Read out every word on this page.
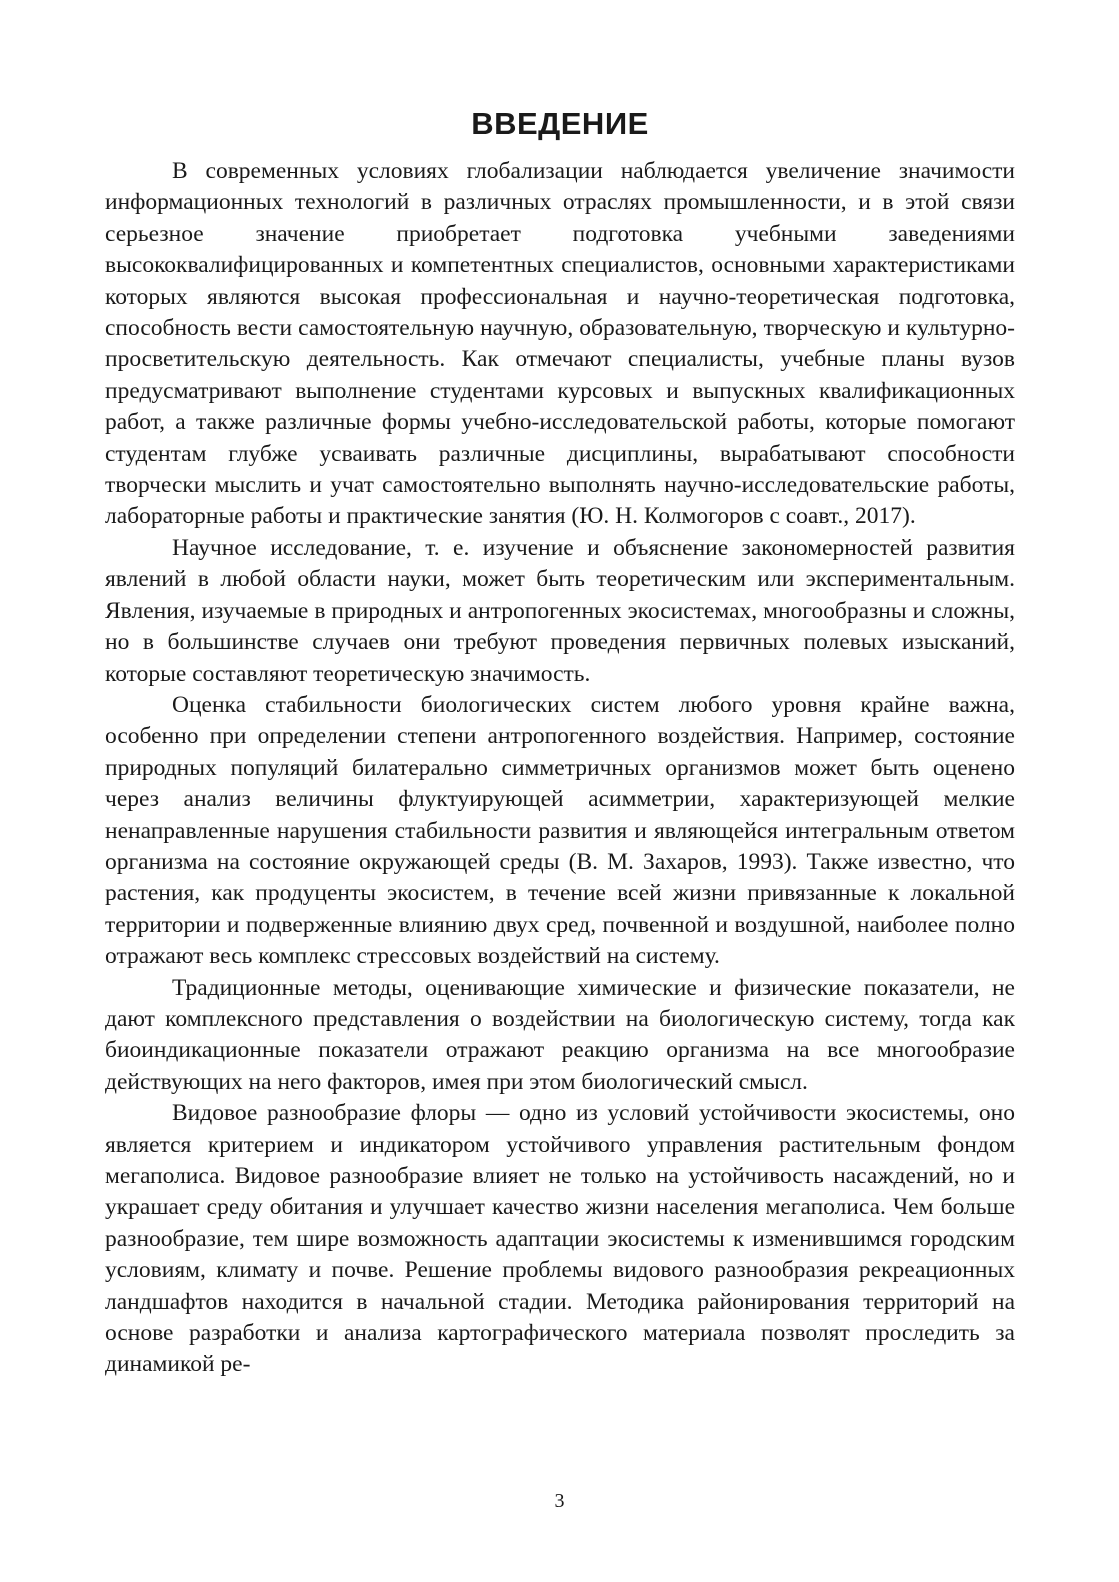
ВВЕДЕНИЕ

В современных условиях глобализации наблюдается увеличение значимости информационных технологий в различных отраслях промышленности, и в этой связи серьезное значение приобретает подготовка учебными заведениями высококвалифицированных и компетентных специалистов, основными характеристиками которых являются высокая профессиональная и научно-теоретическая подготовка, способность вести самостоятельную научную, образовательную, творческую и культурно-просветительскую деятельность. Как отмечают специалисты, учебные планы вузов предусматривают выполнение студентами курсовых и выпускных квалификационных работ, а также различные формы учебно-исследовательской работы, которые помогают студентам глубже усваивать различные дисциплины, вырабатывают способности творчески мыслить и учат самостоятельно выполнять научно-исследовательские работы, лабораторные работы и практические занятия (Ю. Н. Колмогоров с соавт., 2017).

Научное исследование, т. е. изучение и объяснение закономерностей развития явлений в любой области науки, может быть теоретическим или экспериментальным. Явления, изучаемые в природных и антропогенных экосистемах, многообразны и сложны, но в большинстве случаев они требуют проведения первичных полевых изысканий, которые составляют теоретическую значимость.

Оценка стабильности биологических систем любого уровня крайне важна, особенно при определении степени антропогенного воздействия. Например, состояние природных популяций билатерально симметричных организмов может быть оценено через анализ величины флуктуирующей асимметрии, характеризующей мелкие ненаправленные нарушения стабильности развития и являющейся интегральным ответом организма на состояние окружающей среды (В. М. Захаров, 1993). Также известно, что растения, как продуценты экосистем, в течение всей жизни привязанные к локальной территории и подверженные влиянию двух сред, почвенной и воздушной, наиболее полно отражают весь комплекс стрессовых воздействий на систему.

Традиционные методы, оценивающие химические и физические показатели, не дают комплексного представления о воздействии на биологическую систему, тогда как биоиндикационные показатели отражают реакцию организма на все многообразие действующих на него факторов, имея при этом биологический смысл.

Видовое разнообразие флоры — одно из условий устойчивости экосистемы, оно является критерием и индикатором устойчивого управления растительным фондом мегаполиса. Видовое разнообразие влияет не только на устойчивость насаждений, но и украшает среду обитания и улучшает качество жизни населения мегаполиса. Чем больше разнообразие, тем шире возможность адаптации экосистемы к изменившимся городским условиям, климату и почве. Решение проблемы видового разнообразия рекреационных ландшафтов находится в начальной стадии. Методика районирования территорий на основе разработки и анализа картографического материала позволят проследить за динамикой ре-

3
